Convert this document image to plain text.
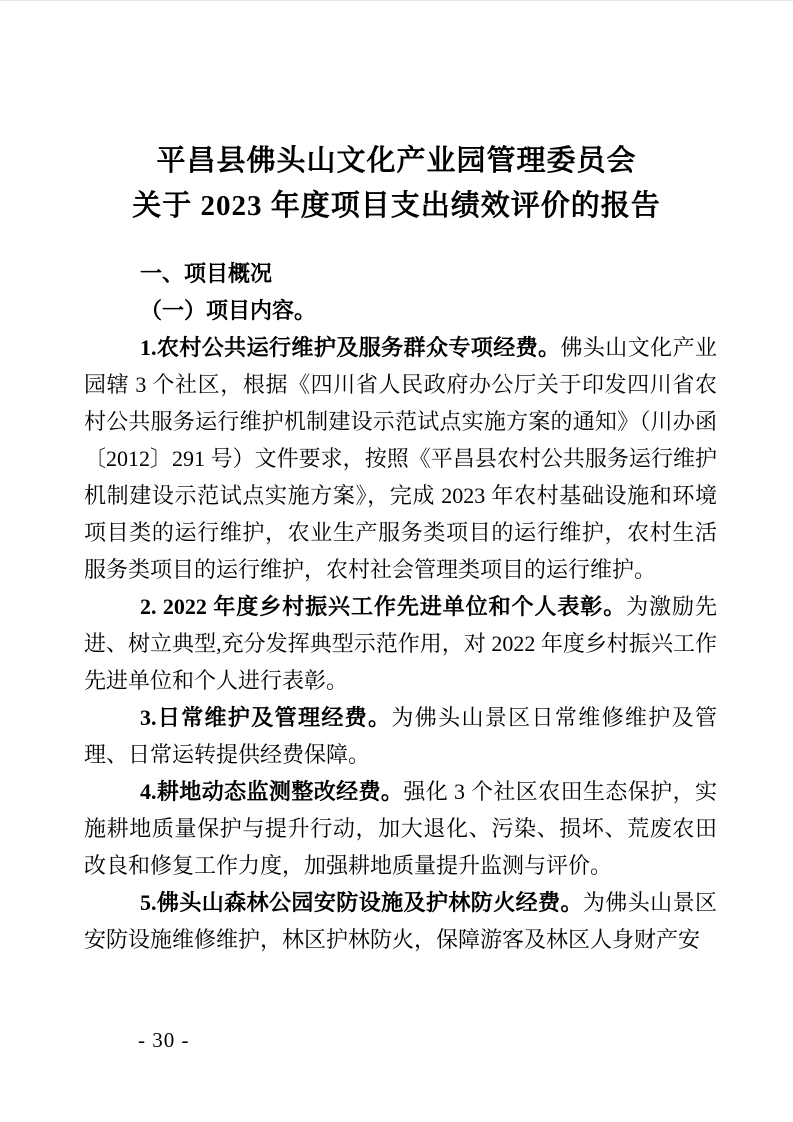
平昌县佛头山文化产业园管理委员会
关于 2023 年度项目支出绩效评价的报告
一、项目概况
（一）项目内容。

1.农村公共运行维护及服务群众专项经费。佛头山文化产业园辖 3 个社区，根据《四川省人民政府办公厅关于印发四川省农村公共服务运行维护机制建设示范试点实施方案的通知》（川办函〔2012〕291 号）文件要求，按照《平昌县农村公共服务运行维护机制建设示范试点实施方案》，完成 2023 年农村基础设施和环境项目类的运行维护，农业生产服务类项目的运行维护，农村生活服务类项目的运行维护，农村社会管理类项目的运行维护。

2. 2022 年度乡村振兴工作先进单位和个人表彰。为激励先进、树立典型,充分发挥典型示范作用，对 2022 年度乡村振兴工作先进单位和个人进行表彰。

3.日常维护及管理经费。为佛头山景区日常维修维护及管理、日常运转提供经费保障。

4.耕地动态监测整改经费。强化 3 个社区农田生态保护，实施耕地质量保护与提升行动，加大退化、污染、损坏、荒废农田改良和修复工作力度，加强耕地质量提升监测与评价。

5.佛头山森林公园安防设施及护林防火经费。为佛头山景区安防设施维修维护，林区护林防火，保障游客及林区人身财产安

- 30 -
